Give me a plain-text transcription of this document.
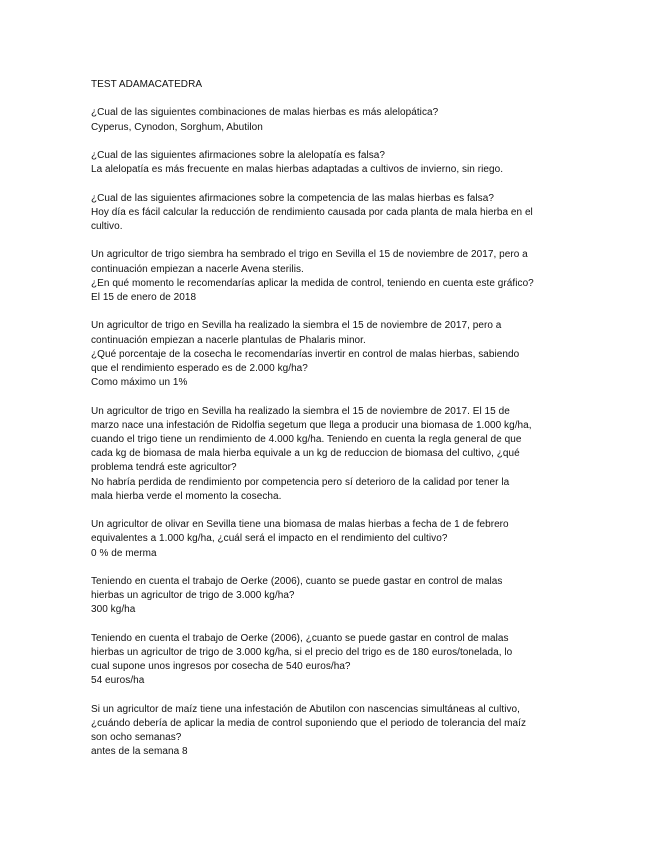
TEST ADAMACATEDRA
¿Cual de las siguientes combinaciones de malas hierbas es más alelopática?
Cyperus, Cynodon, Sorghum, Abutilon
¿Cual de las siguientes afirmaciones sobre la alelopatía es falsa?
La alelopatía es más frecuente en malas hierbas adaptadas a cultivos de invierno, sin riego.
¿Cual de las siguientes afirmaciones sobre la competencia de las malas hierbas es falsa?
Hoy día es fácil calcular la reducción de rendimiento causada por cada planta de mala hierba en el
cultivo.
Un agricultor de trigo siembra ha sembrado el trigo en Sevilla el 15 de noviembre de 2017, pero a
continuación empiezan a nacerle Avena sterilis.
¿En qué momento le recomendarías aplicar la medida de control, teniendo en cuenta este gráfico?
El 15 de enero de 2018
Un agricultor de trigo en Sevilla ha realizado la siembra el 15 de noviembre de 2017, pero a
continuación empiezan a nacerle plantulas de Phalaris minor.
¿Qué porcentaje de la cosecha le recomendarías invertir en control de malas hierbas, sabiendo
que el rendimiento esperado es de 2.000 kg/ha?
Como máximo un 1%
Un agricultor de trigo en Sevilla ha realizado la siembra el 15 de noviembre de 2017. El 15 de
marzo nace una infestación de Ridolfia segetum que llega a producir una biomasa de 1.000 kg/ha,
cuando el trigo tiene un rendimiento de 4.000 kg/ha. Teniendo en cuenta la regla general de que
cada kg de biomasa de mala hierba equivale a un kg de reduccion de biomasa del cultivo, ¿qué
problema tendrá este agricultor?
No habría perdida de rendimiento por competencia pero sí deterioro de la calidad por tener la
mala hierba verde el momento la cosecha.
Un agricultor de olivar en Sevilla tiene una biomasa de malas hierbas a fecha de 1 de febrero
equivalentes a 1.000 kg/ha, ¿cuál será el impacto en el rendimiento del cultivo?
0 % de merma
Teniendo en cuenta el trabajo de Oerke (2006), cuanto se puede gastar en control de malas
hierbas un agricultor de trigo de 3.000 kg/ha?
300 kg/ha
Teniendo en cuenta el trabajo de Oerke (2006), ¿cuanto se puede gastar en control de malas
hierbas un agricultor de trigo de 3.000 kg/ha, si el precio del trigo es de 180 euros/tonelada, lo
cual supone unos ingresos por cosecha de 540 euros/ha?
54 euros/ha
Si un agricultor de maíz tiene una infestación de Abutilon con nascencias simultáneas al cultivo,
¿cuándo debería de aplicar la media de control suponiendo que el periodo de tolerancia del maíz
son ocho semanas?
antes de la semana 8
